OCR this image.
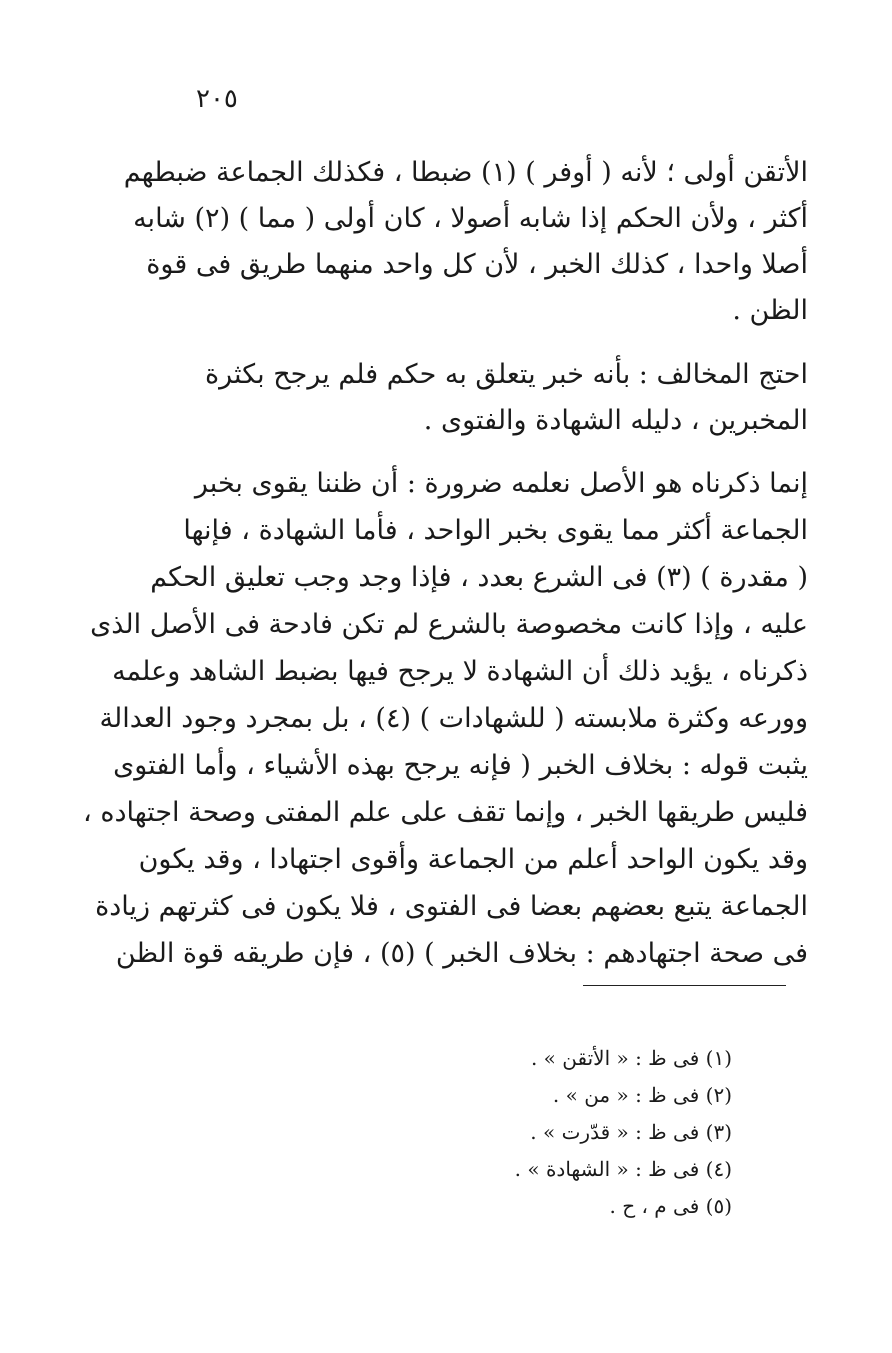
٢٠٥
الأتقن أولى ؛ لأنه ( أوفر ) (١) ضبطا ، فكذلك الجماعة ضبطهم
أكثر ، ولأن الحكم إذا شابه أصولا ، كان أولى ( مما ) (٢) شابه
أصلا واحدا ، كذلك الخبر ، لأن كل واحد منهما طريق فى قوة
الظن .
احتج المخالف : بأنه خبر يتعلق به حكم فلم يرجح بكثرة
المخبرين ، دليله الشهادة والفتوى .
إنما ذكرناه هو الأصل نعلمه ضرورة : أن ظننا يقوى بخبر
الجماعة أكثر مما يقوى بخبر الواحد ، فأما الشهادة ، فإنها
( مقدرة ) (٣) فى الشرع بعدد ، فإذا وجد وجب تعليق الحكم
عليه ، وإذا كانت مخصوصة بالشرع لم تكن فادحة فى الأصل الذى
ذكرناه ، يؤيد ذلك أن الشهادة لا يرجح فيها بضبط الشاهد وعلمه
وورعه وكثرة ملابسته ( للشهادات ) (٤) ، بل بمجرد وجود العدالة
يثبت قوله : بخلاف الخبر ( فإنه يرجح بهذه الأشياء ، وأما الفتوى
فليس طريقها الخبر ، وإنما تقف على علم المفتى وصحة اجتهاده ،
وقد يكون الواحد أعلم من الجماعة وأقوى اجتهادا ، وقد يكون
الجماعة يتبع بعضهم بعضا فى الفتوى ، فلا يكون فى كثرتهم زيادة
فى صحة اجتهادهم : بخلاف الخبر ) (٥) ، فإن طريقه قوة الظن
(١) فى ظ : « الأتقن » .
(٢) فى ظ : « من » .
(٣) فى ظ : « قدّرت » .
(٤) فى ظ : « الشهادة » .
(٥) فى م ، ح .
